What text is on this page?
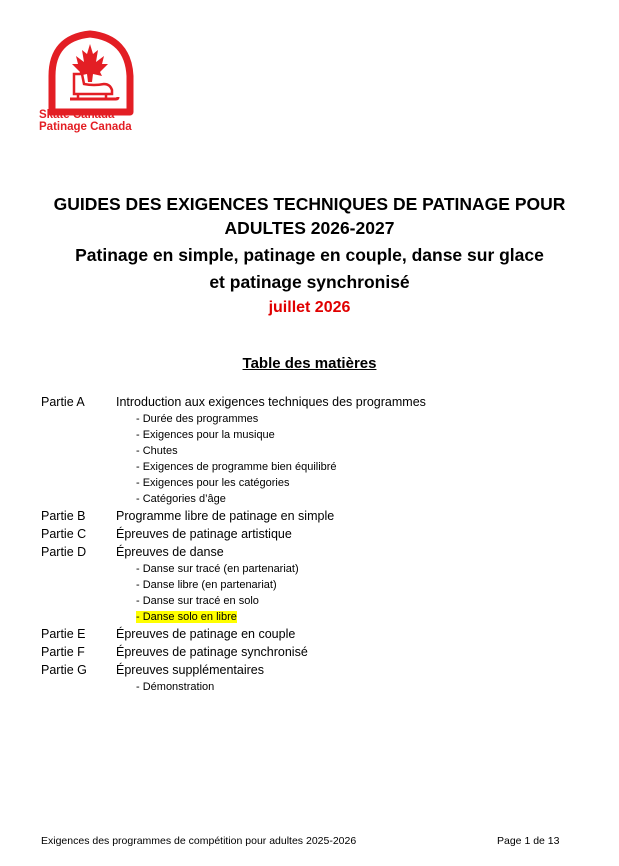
Skate Canada
Patinage Canada
GUIDES DES EXIGENCES TECHNIQUES DE PATINAGE POUR
ADULTES 2026-2027
Patinage en simple, patinage en couple, danse sur glace
et patinage synchronisé
juillet 2026
Table des matières
Partie A	Introduction aux exigences techniques des programmes
- Durée des programmes
- Exigences pour la musique
- Chutes
- Exigences de programme bien équilibré
- Exigences pour les catégories
- Catégories d’âge
Partie B	Programme libre de patinage en simple
Partie C	Épreuves de patinage artistique
Partie D	Épreuves de danse
- Danse sur tracé (en partenariat)
- Danse libre (en partenariat)
- Danse sur tracé en solo
- Danse solo en libre
Partie E	Épreuves de patinage en couple
Partie F	Épreuves de patinage synchronisé
Partie G	Épreuves supplémentaires
- Démonstration
Exigences des programmes de compétition pour adultes 2025-2026	Page 1 de 13
